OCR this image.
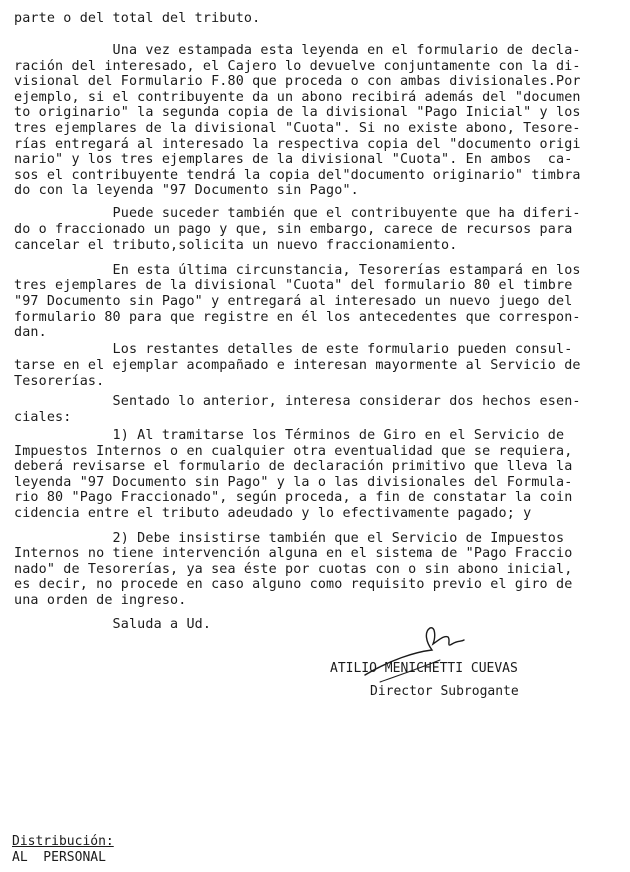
parte o del total del tributo.
Una vez estampada esta leyenda en el formulario de decla-
ración del interesado, el Cajero lo devuelve conjuntamente con la di-
visional del Formulario F.80 que proceda o con ambas divisionales.Por
ejemplo, si el contribuyente da un abono recibirá además del "documen
to originario" la segunda copia de la divisional "Pago Inicial" y los
tres ejemplares de la divisional "Cuota". Si no existe abono, Tesore-
rías entregará al interesado la respectiva copia del "documento origi
nario" y los tres ejemplares de la divisional "Cuota". En ambos  ca-
sos el contribuyente tendrá la copia del"documento originario" timbra
do con la leyenda "97 Documento sin Pago".
Puede suceder también que el contribuyente que ha diferi-
do o fraccionado un pago y que, sin embargo, carece de recursos para
cancelar el tributo,solicita un nuevo fraccionamiento.
En esta última circunstancia, Tesorerías estampará en los
tres ejemplares de la divisional "Cuota" del formulario 80 el timbre
"97 Documento sin Pago" y entregará al interesado un nuevo juego del
formulario 80 para que registre en él los antecedentes que correspon-
dan.
Los restantes detalles de este formulario pueden consul-
tarse en el ejemplar acompañado e interesan mayormente al Servicio de
Tesorerías.
Sentado lo anterior, interesa considerar dos hechos esen-
ciales:
1) Al tramitarse los Términos de Giro en el Servicio de
Impuestos Internos o en cualquier otra eventualidad que se requiera,
deberá revisarse el formulario de declaración primitivo que lleva la
leyenda "97 Documento sin Pago" y la o las divisionales del Formula-
rio 80 "Pago Fraccionado", según proceda, a fin de constatar la coin
cidencia entre el tributo adeudado y lo efectivamente pagado; y
2) Debe insistirse también que el Servicio de Impuestos
Internos no tiene intervención alguna en el sistema de "Pago Fraccio
nado" de Tesorerías, ya sea éste por cuotas con o sin abono inicial,
es decir, no procede en caso alguno como requisito previo el giro de
una orden de ingreso.
Saluda a Ud.
ATILIO MENICHETTI CUEVAS
Director Subrogante
Distribución:
AL  PERSONAL
